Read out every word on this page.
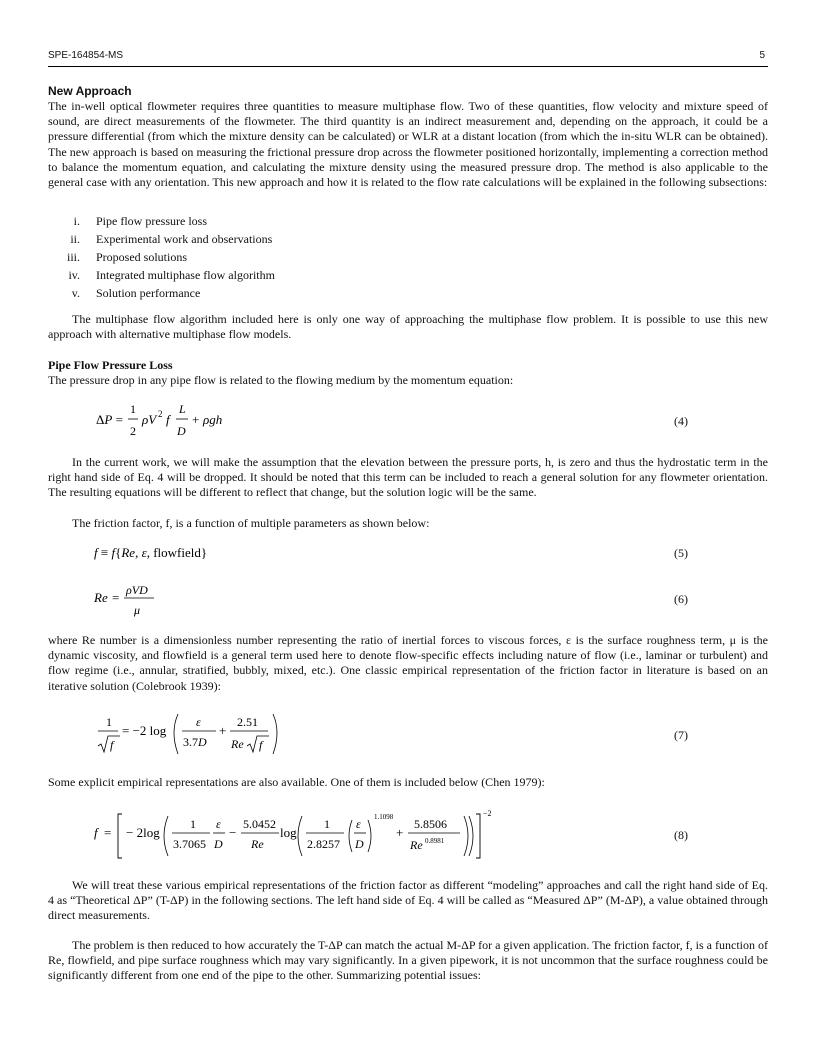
SPE-164854-MS	5
New Approach
The in-well optical flowmeter requires three quantities to measure multiphase flow. Two of these quantities, flow velocity and mixture speed of sound, are direct measurements of the flowmeter. The third quantity is an indirect measurement and, depending on the approach, it could be a pressure differential (from which the mixture density can be calculated) or WLR at a distant location (from which the in-situ WLR can be obtained). The new approach is based on measuring the frictional pressure drop across the flowmeter positioned horizontally, implementing a correction method to balance the momentum equation, and calculating the mixture density using the measured pressure drop. The method is also applicable to the general case with any orientation. This new approach and how it is related to the flow rate calculations will be explained in the following subsections:
i. Pipe flow pressure loss
ii. Experimental work and observations
iii. Proposed solutions
iv. Integrated multiphase flow algorithm
v. Solution performance
The multiphase flow algorithm included here is only one way of approaching the multiphase flow problem. It is possible to use this new approach with alternative multiphase flow models.
Pipe Flow Pressure Loss
The pressure drop in any pipe flow is related to the flowing medium by the momentum equation:
ΔP =
1
2
ρV 2 f
L
D
+ ρgh	(4)
In the current work, we will make the assumption that the elevation between the pressure ports, h, is zero and thus the hydrostatic term in the right hand side of Eq. 4 will be dropped. It should be noted that this term can be included to reach a general solution for any flowmeter orientation. The resulting equations will be different to reflect that change, but the solution logic will be the same.
The friction factor, f, is a function of multiple parameters as shown below:
f ≡ f{Re, ε, flowfield}	(5)
Re = ρVD
μ
(6)
where Re number is a dimensionless number representing the ratio of inertial forces to viscous forces, ε is the surface roughness term, μ is the dynamic viscosity, and flowfield is a general term used here to denote flow-specific effects including nature of flow (i.e., laminar or turbulent) and flow regime (i.e., annular, stratified, bubbly, mixed, etc.). One classic empirical representation of the friction factor in literature is based on an iterative solution (Colebrook 1939):
1
f
= −2 log
ε
3.7D
+
2.51
Re f
(7)
Some explicit empirical representations are also available. One of them is included below (Chen 1979):
f = − 2log
1
3.7065
ε
D
−
5.0452
Re
log
1
2.8257
ε
D
1.1098
+
5.8506
Re 0.8981
−2
(8)
We will treat these various empirical representations of the friction factor as different “modeling” approaches and call the right hand side of Eq. 4 as “Theoretical ΔP” (T-ΔP) in the following sections. The left hand side of Eq. 4 will be called as “Measured ΔP” (M-ΔP), a value obtained through direct measurements.
The problem is then reduced to how accurately the T-ΔP can match the actual M-ΔP for a given application. The friction factor, f, is a function of Re, flowfield, and pipe surface roughness which may vary significantly. In a given pipework, it is not uncommon that the surface roughness could be significantly different from one end of the pipe to the other. Summarizing potential issues:
